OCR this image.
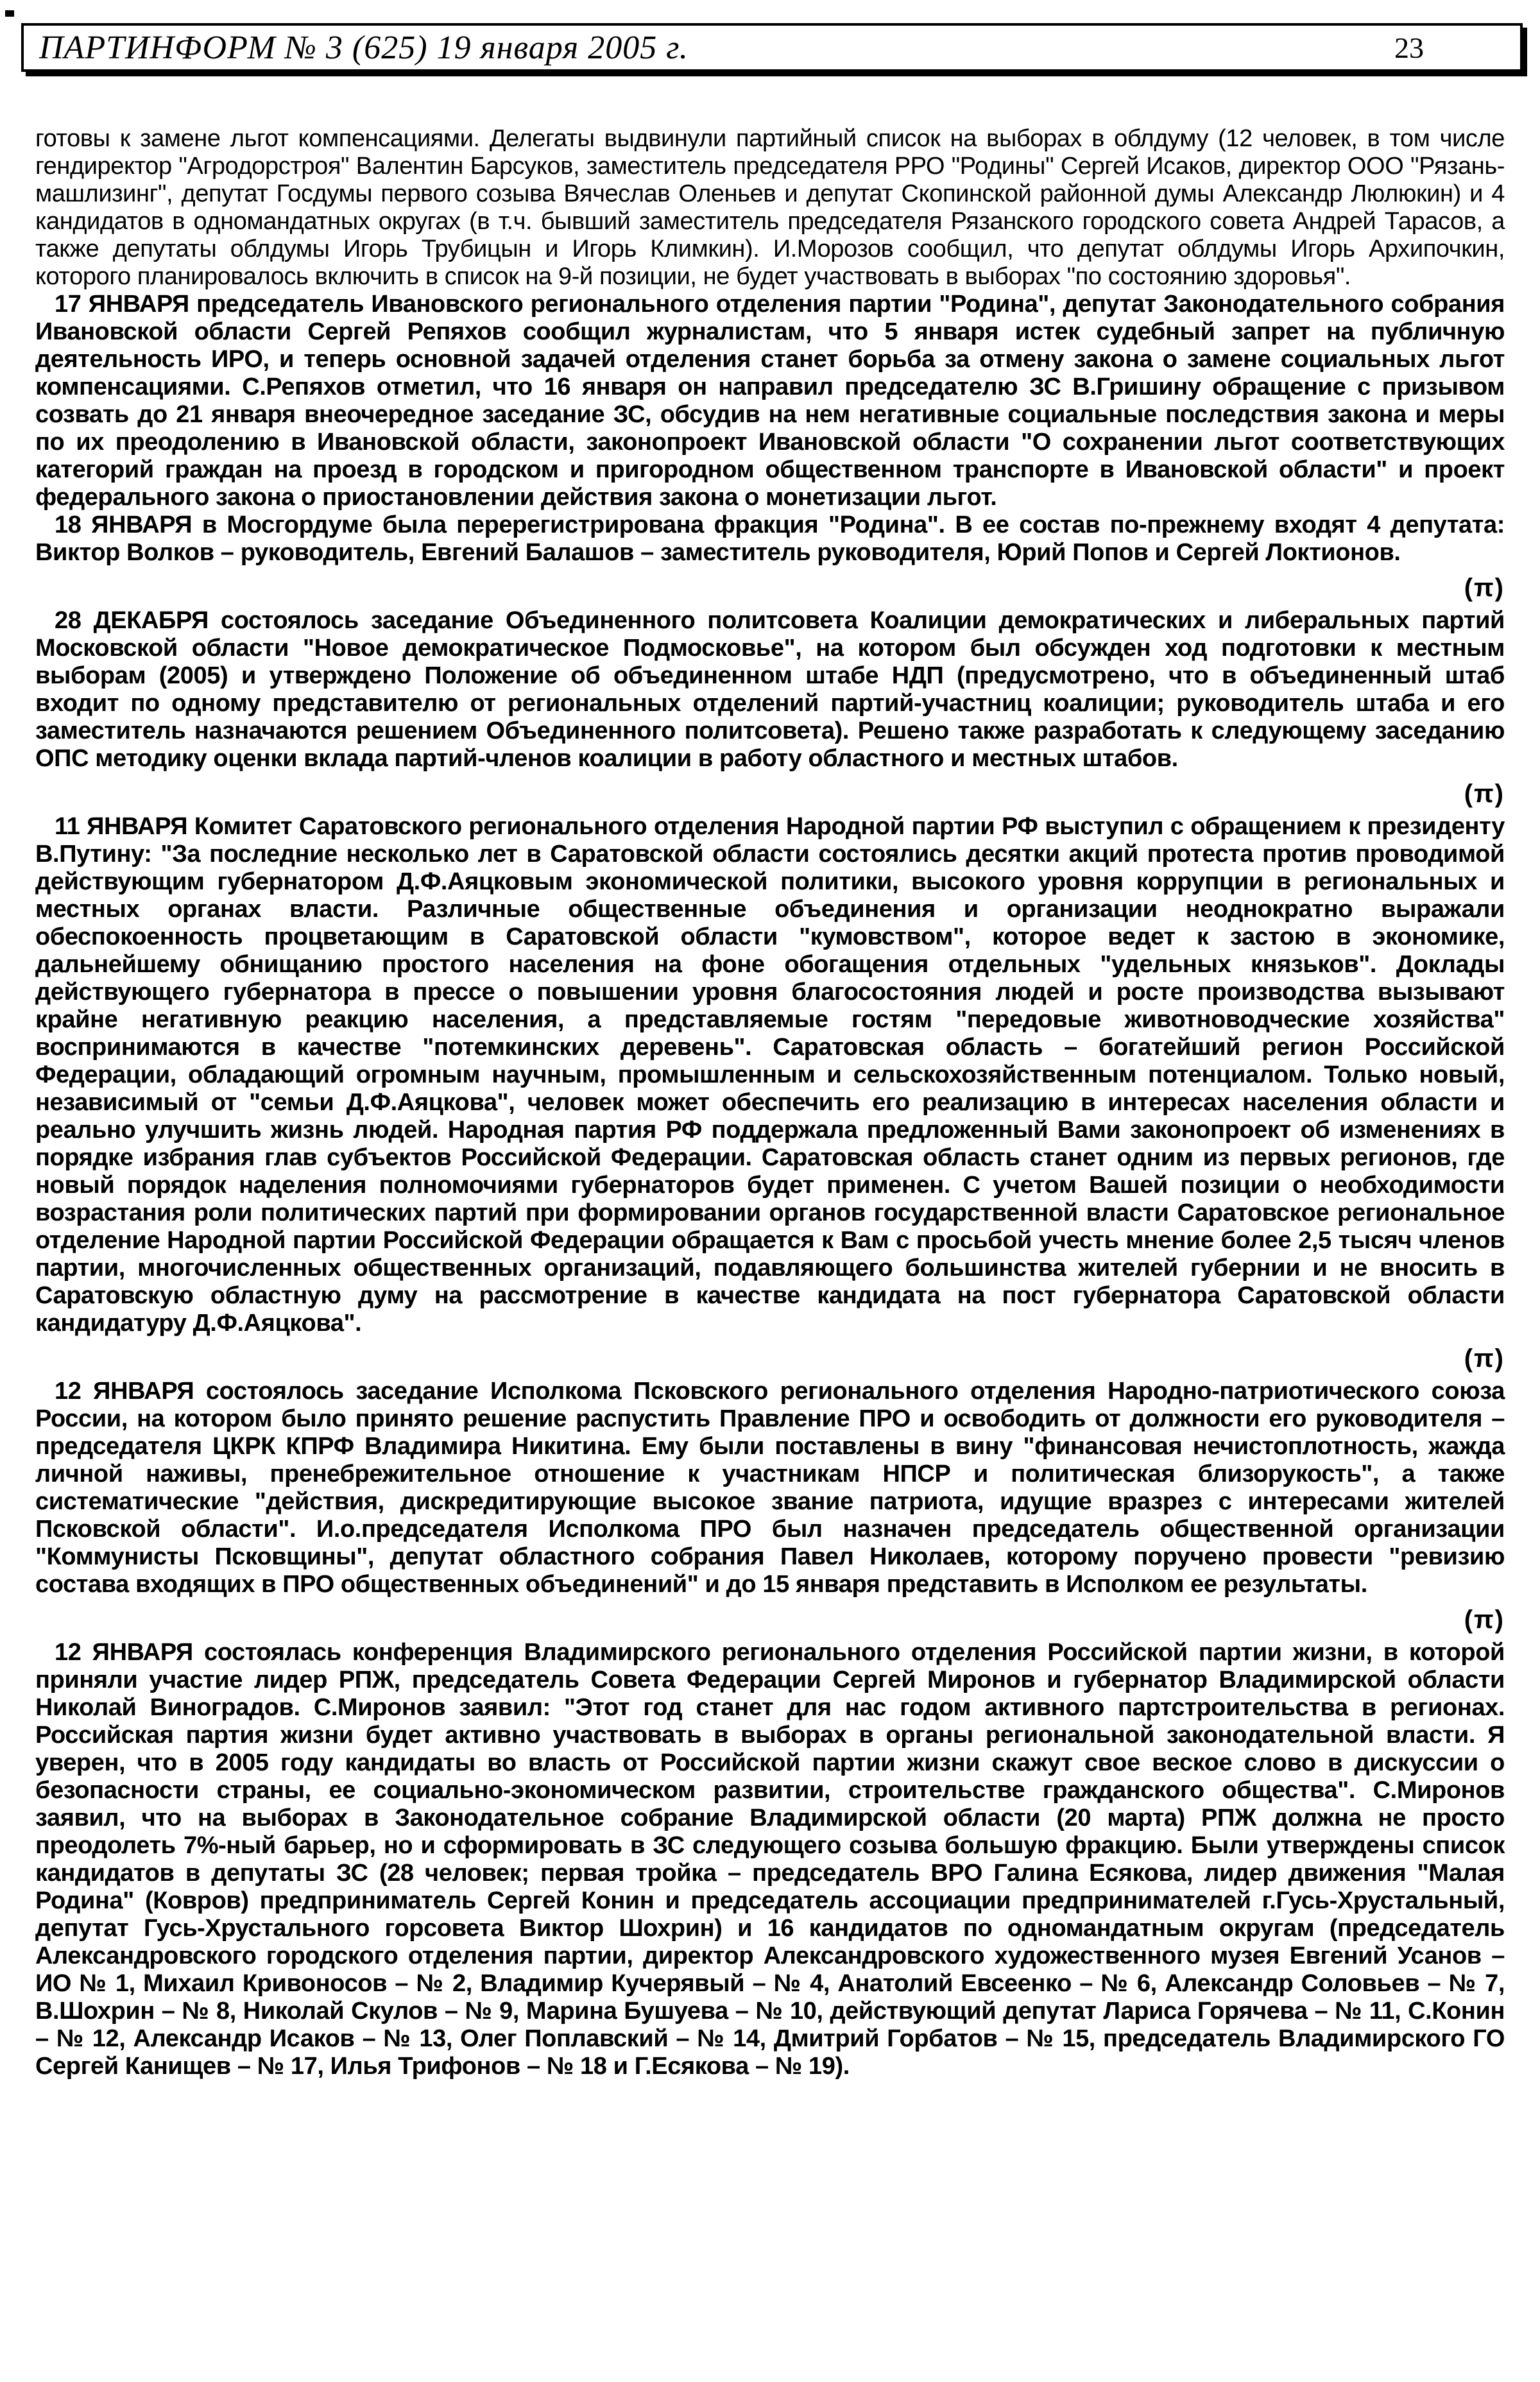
ПАРТИНФОРМ № 3 (625) 19 января 2005 г.	23

готовы к замене льгот компенсациями. Делегаты выдвинули партийный список на выборах в облдуму (12 человек, в том числе гендиректор "Агродорстроя" Валентин Барсуков, заместитель председателя РРО "Родины" Сергей Исаков, директор ООО "Рязань-машлизинг", депутат Госдумы первого созыва Вячеслав Оленьев и депутат Скопинской районной думы Александр Люлюкин) и 4 кандидатов в одномандатных округах (в т.ч. бывший заместитель председателя Рязанского городского совета Андрей Тарасов, а также депутаты облдумы Игорь Трубицын и Игорь Климкин). И.Морозов сообщил, что депутат облдумы Игорь Архипочкин, которого планировалось включить в список на 9-й позиции, не будет участвовать в выборах "по состоянию здоровья".

17 ЯНВАРЯ председатель Ивановского регионального отделения партии "Родина", депутат Законодательного собрания Ивановской области Сергей Репяхов сообщил журналистам, что 5 января истек судебный запрет на публичную деятельность ИРО, и теперь основной задачей отделения станет борьба за отмену закона о замене социальных льгот компенсациями. С.Репяхов отметил, что 16 января он направил председателю ЗС В.Гришину обращение с призывом созвать до 21 января внеочередное заседание ЗС, обсудив на нем негативные социальные последствия закона и меры по их преодолению в Ивановской области, законопроект Ивановской области "О сохранении льгот соответствующих категорий граждан на проезд в городском и пригородном общественном транспорте в Ивановской области" и проект федерального закона о приостановлении действия закона о монетизации льгот.

18 ЯНВАРЯ в Мосгордуме была перерегистрирована фракция "Родина". В ее состав по-прежнему входят 4 депутата: Виктор Волков – руководитель, Евгений Балашов – заместитель руководителя, Юрий Попов и Сергей Локтионов.

(π)

28 ДЕКАБРЯ состоялось заседание Объединенного политсовета Коалиции демократических и либеральных партий Московской области "Новое демократическое Подмосковье", на котором был обсужден ход подготовки к местным выборам (2005) и утверждено Положение об объединенном штабе НДП (предусмотрено, что в объединенный штаб входит по одному представителю от региональных отделений партий-участниц коалиции; руководитель штаба и его заместитель назначаются решением Объединенного политсовета). Решено также разработать к следующему заседанию ОПС методику оценки вклада партий-членов коалиции в работу областного и местных штабов.

(π)

11 ЯНВАРЯ Комитет Саратовского регионального отделения Народной партии РФ выступил с обращением к президенту В.Путину: "За последние несколько лет в Саратовской области состоялись десятки акций протеста против проводимой действующим губернатором Д.Ф.Аяцковым экономической политики, высокого уровня коррупции в региональных и местных органах власти. Различные общественные объединения и организации неоднократно выражали обеспокоенность процветающим в Саратовской области "кумовством", которое ведет к застою в экономике, дальнейшему обнищанию простого населения на фоне обогащения отдельных "удельных князьков". Доклады действующего губернатора в прессе о повышении уровня благосостояния людей и росте производства вызывают крайне негативную реакцию населения, а представляемые гостям "передовые животноводческие хозяйства" воспринимаются в качестве "потемкинских деревень". Саратовская область – богатейший регион Российской Федерации, обладающий огромным научным, промышленным и сельскохозяйственным потенциалом. Только новый, независимый от "семьи Д.Ф.Аяцкова", человек может обеспечить его реализацию в интересах населения области и реально улучшить жизнь людей. Народная партия РФ поддержала предложенный Вами законопроект об изменениях в порядке избрания глав субъектов Российской Федерации. Саратовская область станет одним из первых регионов, где новый порядок наделения полномочиями губернаторов будет применен. С учетом Вашей позиции о необходимости возрастания роли политических партий при формировании органов государственной власти Саратовское региональное отделение Народной партии Российской Федерации обращается к Вам с просьбой учесть мнение более 2,5 тысяч членов партии, многочисленных общественных организаций, подавляющего большинства жителей губернии и не вносить в Саратовскую областную думу на рассмотрение в качестве кандидата на пост губернатора Саратовской области кандидатуру Д.Ф.Аяцкова".

(π)

12 ЯНВАРЯ состоялось заседание Исполкома Псковского регионального отделения Народно-патриотического союза России, на котором было принято решение распустить Правление ПРО и освободить от должности его руководителя – председателя ЦКРК КПРФ Владимира Никитина. Ему были поставлены в вину "финансовая нечистоплотность, жажда личной наживы, пренебрежительное отношение к участникам НПСР и политическая близорукость", а также систематические "действия, дискредитирующие высокое звание патриота, идущие вразрез с интересами жителей Псковской области". И.о.председателя Исполкома ПРО был назначен председатель общественной организации "Коммунисты Псковщины", депутат областного собрания Павел Николаев, которому поручено провести "ревизию состава входящих в ПРО общественных объединений" и до 15 января представить в Исполком ее результаты.

(π)

12 ЯНВАРЯ состоялась конференция Владимирского регионального отделения Российской партии жизни, в которой приняли участие лидер РПЖ, председатель Совета Федерации Сергей Миронов и губернатор Владимирской области Николай Виноградов. С.Миронов заявил: "Этот год станет для нас годом активного партстроительства в регионах. Российская партия жизни будет активно участвовать в выборах в органы региональной законодательной власти. Я уверен, что в 2005 году кандидаты во власть от Российской партии жизни скажут свое веское слово в дискуссии о безопасности страны, ее социально-экономическом развитии, строительстве гражданского общества". С.Миронов заявил, что на выборах в Законодательное собрание Владимирской области (20 марта) РПЖ должна не просто преодолеть 7%-ный барьер, но и сформировать в ЗС следующего созыва большую фракцию. Были утверждены список кандидатов в депутаты ЗС (28 человек; первая тройка – председатель ВРО Галина Есякова, лидер движения "Малая Родина" (Ковров) предприниматель Сергей Конин и председатель ассоциации предпринимателей г.Гусь-Хрустальный, депутат Гусь-Хрустального горсовета Виктор Шохрин) и 16 кандидатов по одномандатным округам (председатель Александровского городского отделения партии, директор Александровского художественного музея Евгений Усанов – ИО № 1, Михаил Кривоносов – № 2, Владимир Кучерявый – № 4, Анатолий Евсеенко – № 6, Александр Соловьев – № 7, В.Шохрин – № 8, Николай Скулов – № 9, Марина Бушуева – № 10, действующий депутат Лариса Горячева – № 11, С.Конин – № 12, Александр Исаков – № 13, Олег Поплавский – № 14, Дмитрий Горбатов – № 15, председатель Владимирского ГО Сергей Канищев – № 17, Илья Трифонов – № 18 и Г.Есякова – № 19).
